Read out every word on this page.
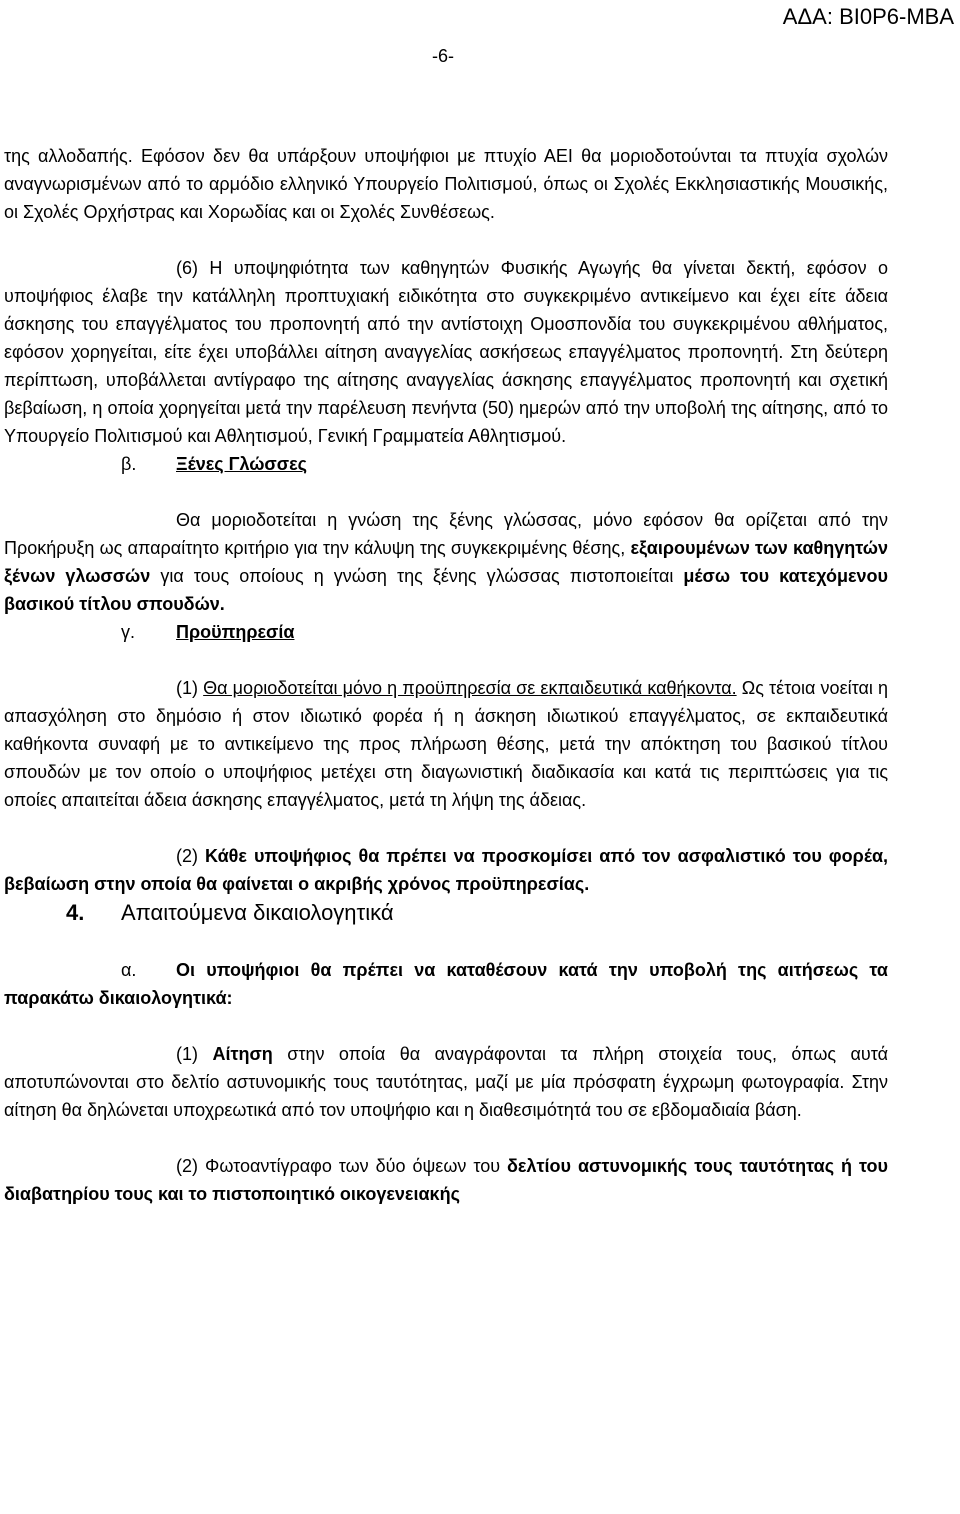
ΑΔΑ: ΒΙ0Ρ6-ΜΒΑ
-6-

της αλλοδαπής. Εφόσον δεν θα υπάρξουν υποψήφιοι με πτυχίο ΑΕΙ θα μοριοδοτούνται τα πτυχία σχολών αναγνωρισμένων από το αρμόδιο ελληνικό Υπουργείο Πολιτισμού, όπως οι Σχολές Εκκλησιαστικής Μουσικής, οι Σχολές Ορχήστρας και Χορωδίας και οι Σχολές Συνθέσεως.

(6) Η υποψηφιότητα των καθηγητών Φυσικής Αγωγής θα γίνεται δεκτή, εφόσον ο υποψήφιος έλαβε την κατάλληλη προπτυχιακή ειδικότητα στο συγκεκριμένο αντικείμενο και έχει είτε άδεια άσκησης του επαγγέλματος του προπονητή από την αντίστοιχη Ομοσπονδία του συγκεκριμένου αθλήματος, εφόσον χορηγείται, είτε έχει υποβάλλει αίτηση αναγγελίας ασκήσεως επαγγέλματος προπονητή. Στη δεύτερη περίπτωση, υποβάλλεται αντίγραφο της αίτησης αναγγελίας άσκησης επαγγέλματος προπονητή και σχετική βεβαίωση, η οποία χορηγείται μετά την παρέλευση πενήντα (50) ημερών από την υποβολή της αίτησης, από το Υπουργείο Πολιτισμού και Αθλητισμού, Γενική Γραμματεία Αθλητισμού.

β. Ξένες Γλώσσες

Θα μοριοδοτείται η γνώση της ξένης γλώσσας, μόνο εφόσον θα ορίζεται από την Προκήρυξη ως απαραίτητο κριτήριο για την κάλυψη της συγκεκριμένης θέσης, εξαιρουμένων των καθηγητών ξένων γλωσσών για τους οποίους η γνώση της ξένης γλώσσας πιστοποιείται μέσω του κατεχόμενου βασικού τίτλου σπουδών.

γ. Προϋπηρεσία

(1) Θα μοριοδοτείται μόνο η προϋπηρεσία σε εκπαιδευτικά καθήκοντα. Ως τέτοια νοείται η απασχόληση στο δημόσιο ή στον ιδιωτικό φορέα ή η άσκηση ιδιωτικού επαγγέλματος, σε εκπαιδευτικά καθήκοντα συναφή με το αντικείμενο της προς πλήρωση θέσης, μετά την απόκτηση του βασικού τίτλου σπουδών με τον οποίο ο υποψήφιος μετέχει στη διαγωνιστική διαδικασία και κατά τις περιπτώσεις για τις οποίες απαιτείται άδεια άσκησης επαγγέλματος, μετά τη λήψη της άδειας.

(2) Κάθε υποψήφιος θα πρέπει να προσκομίσει από τον ασφαλιστικό του φορέα, βεβαίωση στην οποία θα φαίνεται ο ακριβής χρόνος προϋπηρεσίας.

4. Απαιτούμενα δικαιολογητικά

α. Οι υποψήφιοι θα πρέπει να καταθέσουν κατά την υποβολή της αιτήσεως τα παρακάτω δικαιολογητικά:

(1) Αίτηση στην οποία θα αναγράφονται τα πλήρη στοιχεία τους, όπως αυτά αποτυπώνονται στο δελτίο αστυνομικής τους ταυτότητας, μαζί με μία πρόσφατη έγχρωμη φωτογραφία. Στην αίτηση θα δηλώνεται υποχρεωτικά από τον υποψήφιο και η διαθεσιμότητά του σε εβδομαδιαία βάση.

(2) Φωτοαντίγραφο των δύο όψεων του δελτίου αστυνομικής τους ταυτότητας ή του διαβατηρίου τους και το πιστοποιητικό οικογενειακής
